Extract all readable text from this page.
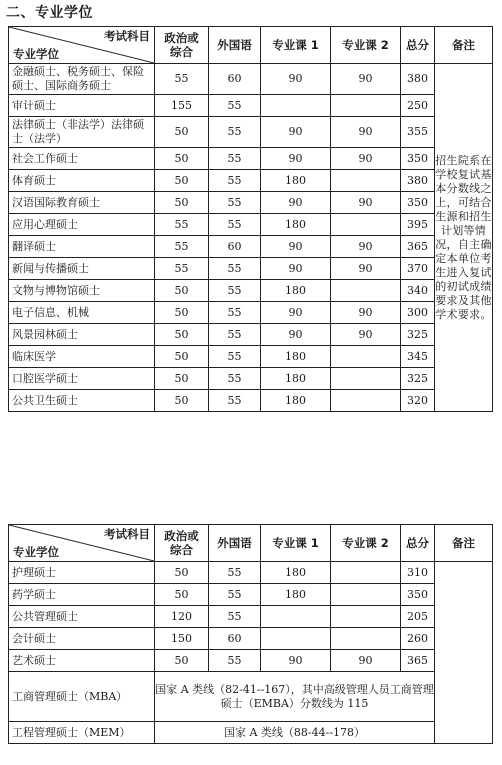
二、专业学位
考试科目
专业学位	政治或综合	外国语	专业课 1	专业课 2	总分	备注
金融硕士、税务硕士、保险硕士、国际商务硕士	55	60	90	90	380	招生院系在学校复试基本分数线之上，可结合生源和招生计划等情况，自主确定本单位考生进入复试的初试成绩要求及其他学术要求。
审计硕士	155	55			250	
法律硕士（非法学）法律硕士（法学）	50	55	90	90	355	
社会工作硕士	50	55	90	90	350	
体育硕士	50	55	180		380	
汉语国际教育硕士	50	55	90	90	350	
应用心理硕士	55	55	180		395	
翻译硕士	55	60	90	90	365	
新闻与传播硕士	55	55	90	90	370	
文物与博物馆硕士	50	55	180		340	
电子信息、机械	50	55	90	90	300	
风景园林硕士	50	55	90	90	325	
临床医学	50	55	180		345	
口腔医学硕士	50	55	180		325	
公共卫生硕士	50	55	180		320	
考试科目
专业学位	政治或综合	外国语	专业课 1	专业课 2	总分	备注
护理硕士	50	55	180		310	
药学硕士	50	55	180		350	
公共管理硕士	120	55			205	
会计硕士	150	60			260	
艺术硕士	50	55	90	90	365	
工商管理硕士（MBA）	国家 A 类线（82-41--167），其中高级管理人员工商管理硕士（EMBA）分数线为 115					
工程管理硕士（MEM）	国家 A 类线（88-44--178）					
